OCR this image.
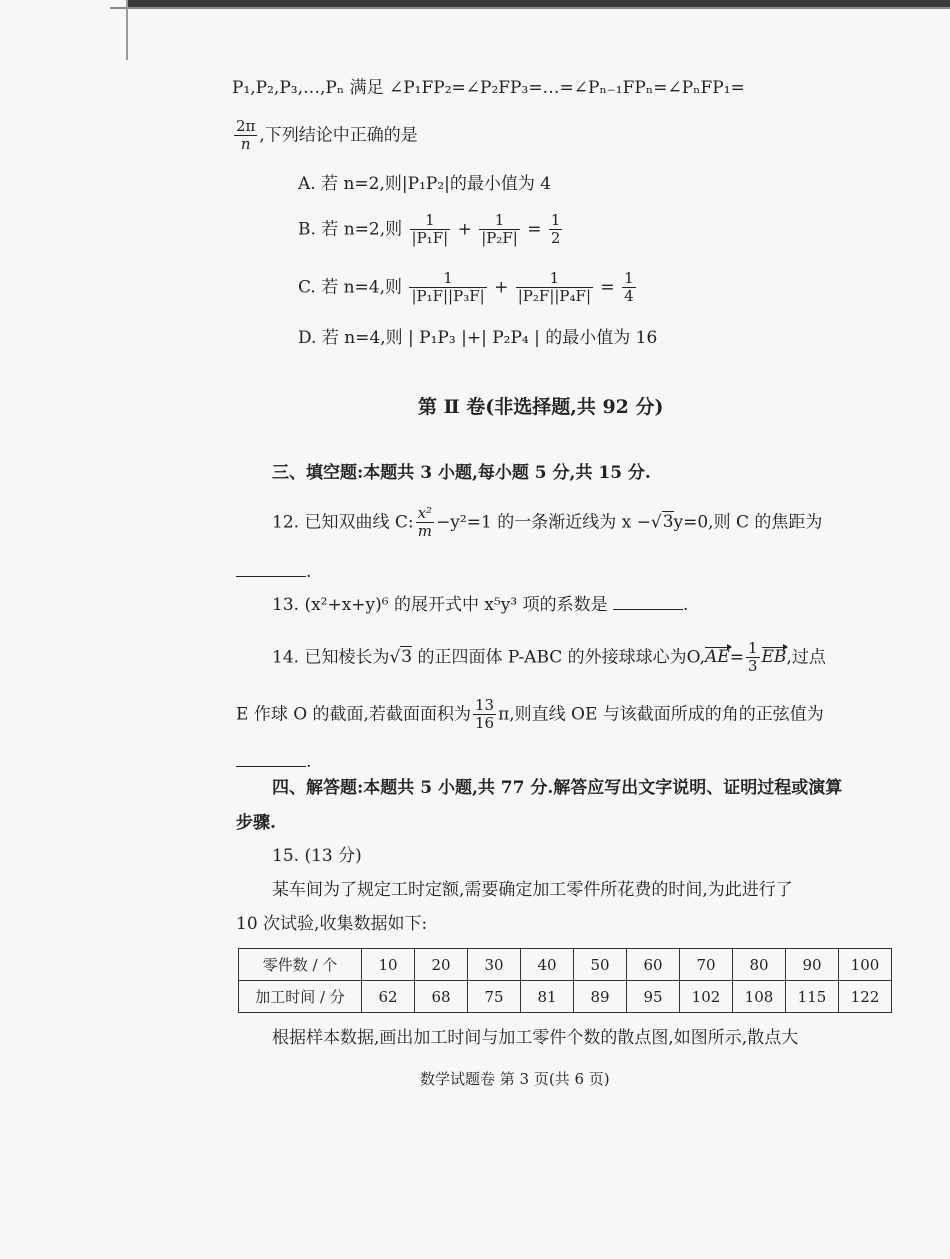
P₁,P₂,P₃,…,Pₙ 满足 ∠P₁FP₂=∠P₂FP₃=…=∠Pₙ₋₁FPₙ=∠PₙFP₁=
$\frac{2\pi}{n}$ ,下列结论中正确的是
A. 若 n=2,则|P₁P₂|的最小值为 4
B. 若 n=2,则 $\frac{1}{\text{|P₁F|}} + \frac{1}{\text{|P₂F|}} = \frac{1}{2}$
C. 若 n=4,则 $\frac{1}{\text{|P₁F||P₃F|}} + \frac{1}{\text{|P₂F||P₄F|}} = \frac{1}{4}$
D. 若 n=4,则 | P₁P₃ |+| P₂P₄ | 的最小值为 16
第 Ⅱ 卷(非选择题,共 92 分)
三、填空题:本题共 3 小题,每小题 5 分,共 15 分.
12. 已知双曲线 C: $\frac{\text{x²}}{m} -y^2=1$ 的一条渐近线为 x −√3y=0,则 C 的焦距为
.
13. (x²+x+y)⁶ 的展开式中 x⁵y³ 项的系数是	.
14. 已知棱长为√3 的正四面体 P-ABC 的外接球球心为$O,AE= \frac{1}{3}$ EB,过点
E 作球 O 的截面,若截面面积为 $\frac{13}{16} \pi$,则直线 OE 与该截面所成的角的正弦值为
.
四、解答题:本题共 5 小题,共 77 分.解答应写出文字说明、证明过程或演算
步骤.
15. (13 分)
某车间为了规定工时定额,需要确定加工零件所花费的时间,为此进行了
10 次试验,收集数据如下:
零件数 / 个	10	20	30	40	50	60	70	80	90	100
加工时间 / 分	62	68	75	81	89	95	102	108	115	122
根据样本数据,画出加工时间与加工零件个数的散点图,如图所示,散点大
数学试题卷 第 3 页(共 6 页)
